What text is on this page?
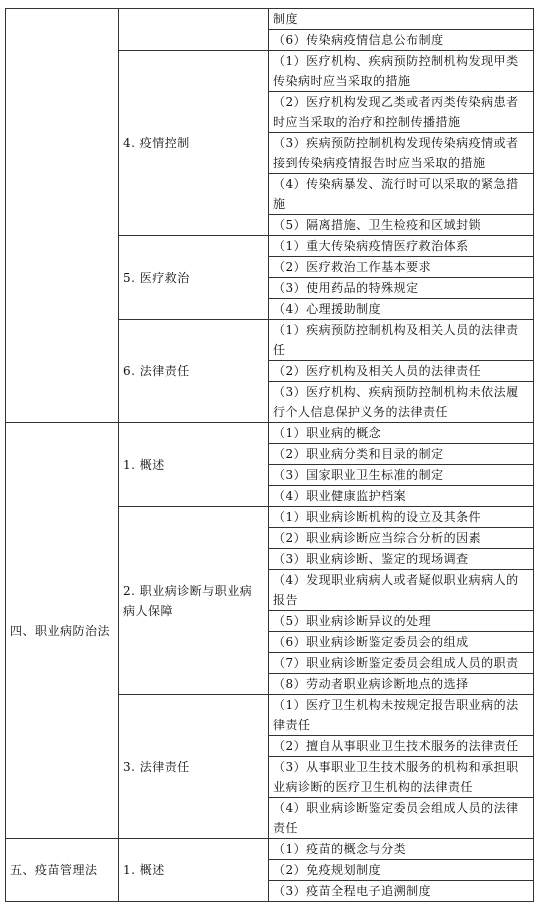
		制度
		（6）传染病疫情信息公布制度
	4. 疫情控制	（1）医疗机构、疾病预防控制机构发现甲类传染病时应当采取的措施
		（2）医疗机构发现乙类或者丙类传染病患者时应当采取的治疗和控制传播措施
		（3）疾病预防控制机构发现传染病疫情或者接到传染病疫情报告时应当采取的措施
		（4）传染病暴发、流行时可以采取的紧急措施
		（5）隔离措施、卫生检疫和区域封锁
	5. 医疗救治	（1）重大传染病疫情医疗救治体系
		（2）医疗救治工作基本要求
		（3）使用药品的特殊规定
		（4）心理援助制度
	6. 法律责任	（1）疾病预防控制机构及相关人员的法律责任
		（2）医疗机构及相关人员的法律责任
		（3）医疗机构、疾病预防控制机构未依法履行个人信息保护义务的法律责任
四、职业病防治法	1. 概述	（1）职业病的概念
		（2）职业病分类和目录的制定
		（3）国家职业卫生标准的制定
		（4）职业健康监护档案
	2. 职业病诊断与职业病病人保障	（1）职业病诊断机构的设立及其条件
		（2）职业病诊断应当综合分析的因素
		（3）职业病诊断、鉴定的现场调查
		（4）发现职业病病人或者疑似职业病病人的报告
		（5）职业病诊断异议的处理
		（6）职业病诊断鉴定委员会的组成
		（7）职业病诊断鉴定委员会组成人员的职责
		（8）劳动者职业病诊断地点的选择
	3. 法律责任	（1）医疗卫生机构未按规定报告职业病的法律责任
		（2）擅自从事职业卫生技术服务的法律责任
		（3）从事职业卫生技术服务的机构和承担职业病诊断的医疗卫生机构的法律责任
		（4）职业病诊断鉴定委员会组成人员的法律责任
五、疫苗管理法	1. 概述	（1）疫苗的概念与分类
		（2）免疫规划制度
		（3）疫苗全程电子追溯制度
